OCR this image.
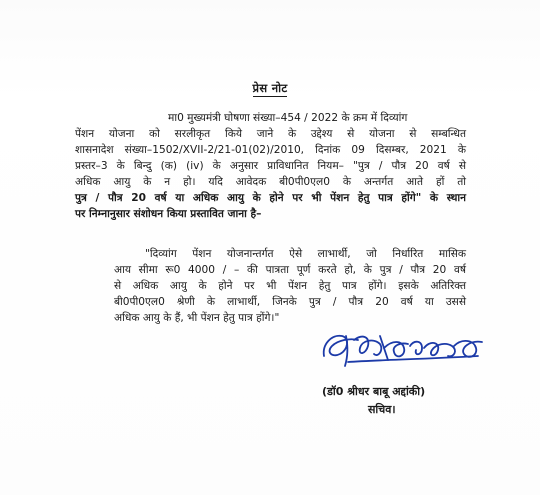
प्रेस नोट
मा0 मुख्यमंत्री घोषणा संख्या–454 / 2022 के क्रम में दिव्यांग
पेंशन योजना को सरलीकृत किये जाने के उद्देश्य से योजना से सम्बन्धित
शासनादेश संख्या–1502/XVII-2/21-01(02)/2010, दिनांक 09 दिसम्बर, 2021 के
प्रस्तर–3 के बिन्दु (क) (iv) के अनुसार प्राविधानित नियम– "पुत्र / पौत्र 20 वर्ष से
अधिक आयु के न हो। यदि आवेदक बी0पी0एल0 के अन्तर्गत आते हों तो
पुत्र / पौत्र 20 वर्ष या अधिक आयु के होने पर भी पेंशन हेतु पात्र होंगे" के स्थान
पर निम्नानुसार संशोधन किया प्रस्तावित जाना है–
"दिव्यांग पेंशन योजनान्तर्गत ऐसे लाभार्थी, जो निर्धारित मासिक
आय सीमा रू0 4000 / – की पात्रता पूर्ण करते हो, के पुत्र / पौत्र 20 वर्ष
से अधिक आयु के होने पर भी पेंशन हेतु पात्र होंगे। इसके अतिरिक्त
बी0पी0एल0 श्रेणी के लाभार्थी, जिनके पुत्र / पौत्र 20 वर्ष या उससे
अधिक आयु के हैं, भी पेंशन हेतु पात्र होंगे।"
(डॉ0 श्रीधर बाबू अद्दांकी)
सचिव।
